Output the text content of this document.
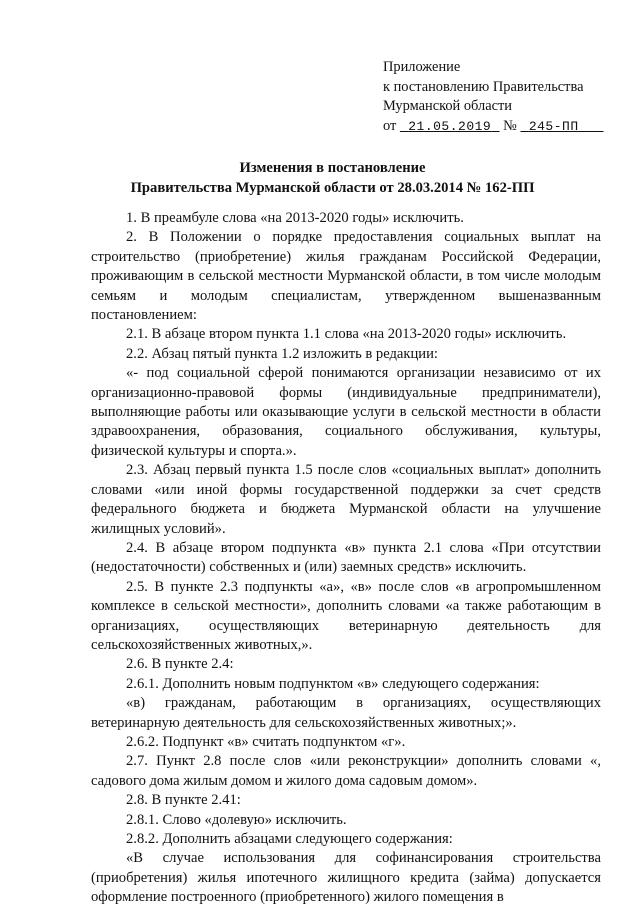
Приложение
к постановлению Правительства
Мурманской области
от 21.05.2019 № 245-ПП
Изменения в постановление
Правительства Мурманской области от 28.03.2014 № 162-ПП

1. В преамбуле слова «на 2013-2020 годы» исключить.

2. В Положении о порядке предоставления социальных выплат на строительство (приобретение) жилья гражданам Российской Федерации, проживающим в сельской местности Мурманской области, в том числе молодым семьям и молодым специалистам, утвержденном вышеназванным постановлением:

2.1. В абзаце втором пункта 1.1 слова «на 2013-2020 годы» исключить.

2.2. Абзац пятый пункта 1.2 изложить в редакции:

«- под социальной сферой понимаются организации независимо от их организационно-правовой формы (индивидуальные предприниматели), выполняющие работы или оказывающие услуги в сельской местности в области здравоохранения, образования, социального обслуживания, культуры, физической культуры и спорта.».

2.3. Абзац первый пункта 1.5 после слов «социальных выплат» дополнить словами «или иной формы государственной поддержки за счет средств федерального бюджета и бюджета Мурманской области на улучшение жилищных условий».

2.4. В абзаце втором подпункта «в» пункта 2.1 слова «При отсутствии (недостаточности) собственных и (или) заемных средств» исключить.

2.5. В пункте 2.3 подпункты «а», «в» после слов «в агропромышленном комплексе в сельской местности», дополнить словами «а также работающим в организациях, осуществляющих ветеринарную деятельность для сельскохозяйственных животных,».

2.6. В пункте 2.4:

2.6.1. Дополнить новым подпунктом «в» следующего содержания:

«в) гражданам, работающим в организациях, осуществляющих ветеринарную деятельность для сельскохозяйственных животных;».

2.6.2. Подпункт «в» считать подпунктом «г».

2.7. Пункт 2.8 после слов «или реконструкции» дополнить словами «, садового дома жилым домом и жилого дома садовым домом».

2.8. В пункте 2.41:

2.8.1. Слово «долевую» исключить.

2.8.2. Дополнить абзацами следующего содержания:

«В случае использования для софинансирования строительства (приобретения) жилья ипотечного жилищного кредита (займа) допускается оформление построенного (приобретенного) жилого помещения в
